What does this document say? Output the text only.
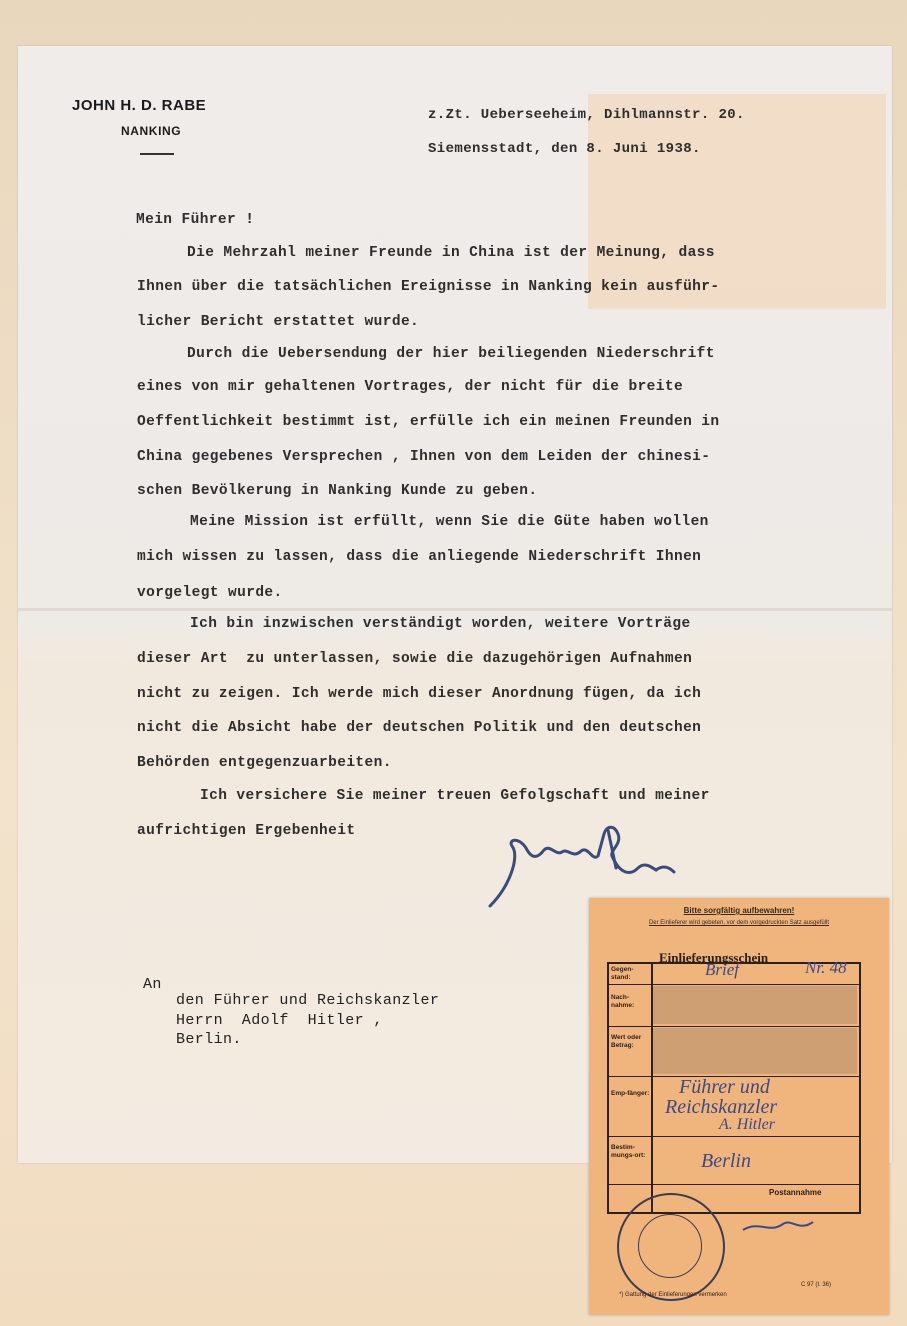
JOHN H. D. RABE
NANKING
z.Zt. Ueberseeheim, Dihlmannstr. 20.
Siemensstadt, den 8. Juni 1938.
Mein Führer !
Die Mehrzahl meiner Freunde in China ist der Meinung, dass
Ihnen über die tatsächlichen Ereignisse in Nanking kein ausführ-
licher Bericht erstattet wurde.
Durch die Uebersendung der hier beiliegenden Niederschrift
eines von mir gehaltenen Vortrages, der nicht für die breite
Oeffentlichkeit bestimmt ist, erfülle ich ein meinen Freunden in
China gegebenes Versprechen , Ihnen von dem Leiden der chinesi-
schen Bevölkerung in Nanking Kunde zu geben.
Meine Mission ist erfüllt, wenn Sie die Güte haben wollen
mich wissen zu lassen, dass die anliegende Niederschrift Ihnen
vorgelegt wurde.
Ich bin inzwischen verständigt worden, weitere Vorträge
dieser Art  zu unterlassen, sowie die dazugehörigen Aufnahmen
nicht zu zeigen. Ich werde mich dieser Anordnung fügen, da ich
nicht die Absicht habe der deutschen Politik und den deutschen
Behörden entgegenzuarbeiten.
Ich versichere Sie meiner treuen Gefolgschaft und meiner
aufrichtigen Ergebenheit
An
den Führer und Reichskanzler
Herrn  Adolf  Hitler ,
Berlin.
Bitte sorgfältig aufbewahren!
Der Einlieferer wird gebeten, vor dem vorgedruckten Satz ausgefüllt
Einlieferungsschein
Gegen-stand:
Nach-nahme:
Wert oder Betrag:
Emp-fänger:
Bestim-mungs-ort:
Brief	Nr. 48
Führer und
Reichskanzler
A. Hitler
Berlin
Postannahme
C 97 (I. 36)
*) Gattung der Einlieferungen vermerken
